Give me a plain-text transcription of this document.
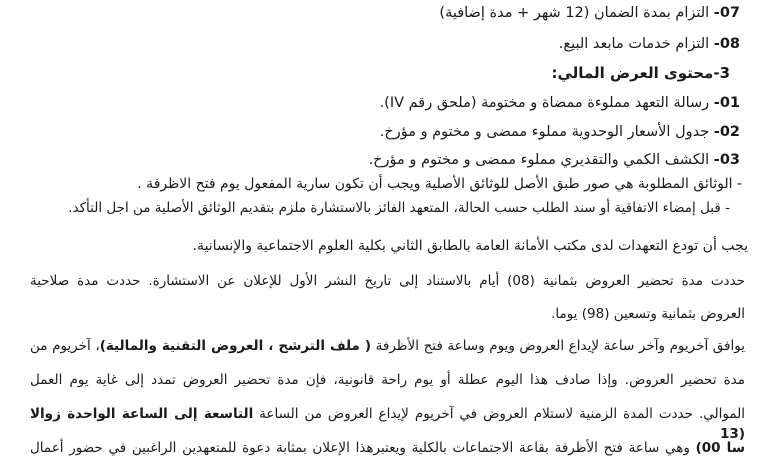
-07 التزام بمدة الضمان (12 شهر + مدة إضافية)
-08 التزام خدمات مابعد البيع.
3-محتوى العرض المالي:
-01 رسالة التعهد مملوءة ممضاة و مختومة (ملحق رقم IV).
-02 جدول الأسعار الوحدوية مملوء ممضى و مختوم و مؤرخ.
-03 الكشف الكمي والتقديري مملوء ممضى و مختوم و مؤرخ.
- الوثائق المطلوبة هي صور طبق الأصل للوثائق الأصلية ويجب أن تكون سارية المفعول يوم فتح الاظرفة .
- قبل إمضاء الاتفاقية أو سند الطلب حسب الحالة، المتعهد الفائز بالاستشارة ملزم بتقديم الوثائق الأصلية من اجل التأكد.
يجب أن تودع التعهدات لدى مكتب الأمانة العامة بالطابق الثاني بكلية العلوم الاجتماعية والإنسانية.
حددت مدة تحضير العروض بثمانية (08) أيام بالاستناد إلى تاريخ النشر الأول للإعلان عن الاستشارة. حددت مدة صلاحية
العروض بثمانية وتسعين (98) يوما.
يوافق آخريوم وآخر ساعة لإيداع العروض ويوم وساعة فتح الأظرفة ( ملف الترشح ، العروض التقنية والمالية)، آخريوم من
مدة تحضير العروض. وإذا صادف هذا اليوم عطلة أو يوم راحة قانونية، فإن مدة تحضير العروض تمدد إلى غاية يوم العمل
الموالي. حددت المدة الزمنية لاستلام العروض في آخريوم لإيداع العروض من الساعة التاسعة إلى الساعة الواحدة زوالا (13
سا 00) وهي ساعة فتح الأظرفة بقاعة الاجتماعات بالكلية ويعتبرهذا الإعلان بمثابة دعوة للمتعهدين الراغبين في حضور أعمال
